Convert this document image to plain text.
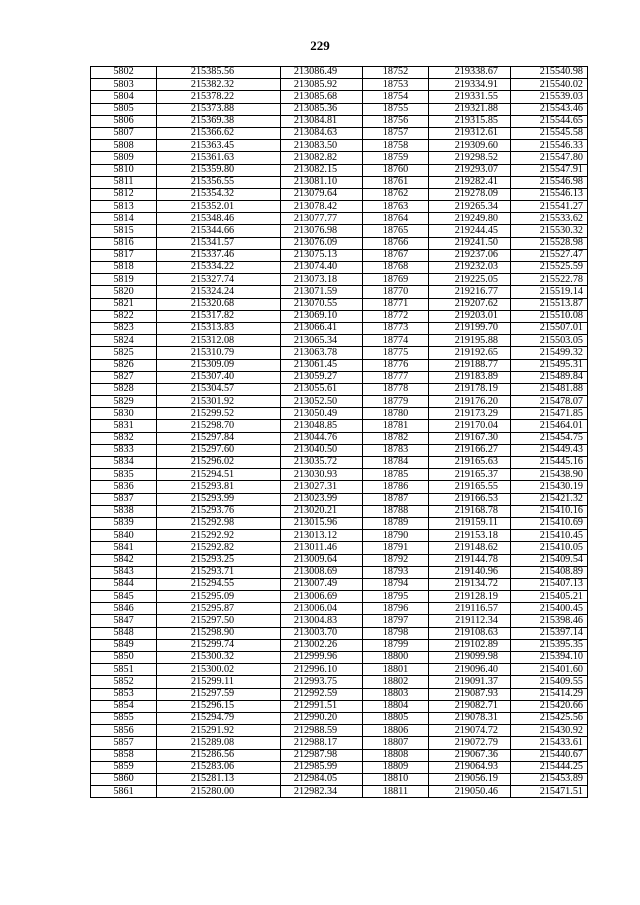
229
5802	215385.56	213086.49	18752	219338.67	215540.98
5803	215382.32	213085.92	18753	219334.91	215540.02
5804	215378.22	213085.68	18754	219331.55	215539.03
5805	215373.88	213085.36	18755	219321.88	215543.46
5806	215369.38	213084.81	18756	219315.85	215544.65
5807	215366.62	213084.63	18757	219312.61	215545.58
5808	215363.45	213083.50	18758	219309.60	215546.33
5809	215361.63	213082.82	18759	219298.52	215547.80
5810	215359.80	213082.15	18760	219293.07	215547.91
5811	215356.55	213081.10	18761	219282.41	215546.98
5812	215354.32	213079.64	18762	219278.09	215546.13
5813	215352.01	213078.42	18763	219265.34	215541.27
5814	215348.46	213077.77	18764	219249.80	215533.62
5815	215344.66	213076.98	18765	219244.45	215530.32
5816	215341.57	213076.09	18766	219241.50	215528.98
5817	215337.46	213075.13	18767	219237.06	215527.47
5818	215334.22	213074.40	18768	219232.03	215525.59
5819	215327.74	213073.18	18769	219225.05	215522.78
5820	215324.24	213071.59	18770	219216.77	215519.14
5821	215320.68	213070.55	18771	219207.62	215513.87
5822	215317.82	213069.10	18772	219203.01	215510.08
5823	215313.83	213066.41	18773	219199.70	215507.01
5824	215312.08	213065.34	18774	219195.88	215503.05
5825	215310.79	213063.78	18775	219192.65	215499.32
5826	215309.09	213061.45	18776	219188.77	215495.31
5827	215307.40	213059.27	18777	219183.89	215489.84
5828	215304.57	213055.61	18778	219178.19	215481.88
5829	215301.92	213052.50	18779	219176.20	215478.07
5830	215299.52	213050.49	18780	219173.29	215471.85
5831	215298.70	213048.85	18781	219170.04	215464.01
5832	215297.84	213044.76	18782	219167.30	215454.75
5833	215297.60	213040.50	18783	219166.27	215449.43
5834	215296.02	213035.72	18784	219165.63	215445.16
5835	215294.51	213030.93	18785	219165.37	215438.90
5836	215293.81	213027.31	18786	219165.55	215430.19
5837	215293.99	213023.99	18787	219166.53	215421.32
5838	215293.76	213020.21	18788	219168.78	215410.16
5839	215292.98	213015.96	18789	219159.11	215410.69
5840	215292.92	213013.12	18790	219153.18	215410.45
5841	215292.82	213011.46	18791	219148.62	215410.05
5842	215293.25	213009.64	18792	219144.78	215409.54
5843	215293.71	213008.69	18793	219140.96	215408.89
5844	215294.55	213007.49	18794	219134.72	215407.13
5845	215295.09	213006.69	18795	219128.19	215405.21
5846	215295.87	213006.04	18796	219116.57	215400.45
5847	215297.50	213004.83	18797	219112.34	215398.46
5848	215298.90	213003.70	18798	219108.63	215397.14
5849	215299.74	213002.26	18799	219102.89	215395.35
5850	215300.32	212999.96	18800	219099.98	215394.10
5851	215300.02	212996.10	18801	219096.40	215401.60
5852	215299.11	212993.75	18802	219091.37	215409.55
5853	215297.59	212992.59	18803	219087.93	215414.29
5854	215296.15	212991.51	18804	219082.71	215420.66
5855	215294.79	212990.20	18805	219078.31	215425.56
5856	215291.92	212988.59	18806	219074.72	215430.92
5857	215289.08	212988.17	18807	219072.79	215433.61
5858	215286.56	212987.98	18808	219067.36	215440.67
5859	215283.06	212985.99	18809	219064.93	215444.25
5860	215281.13	212984.05	18810	219056.19	215453.89
5861	215280.00	212982.34	18811	219050.46	215471.51
